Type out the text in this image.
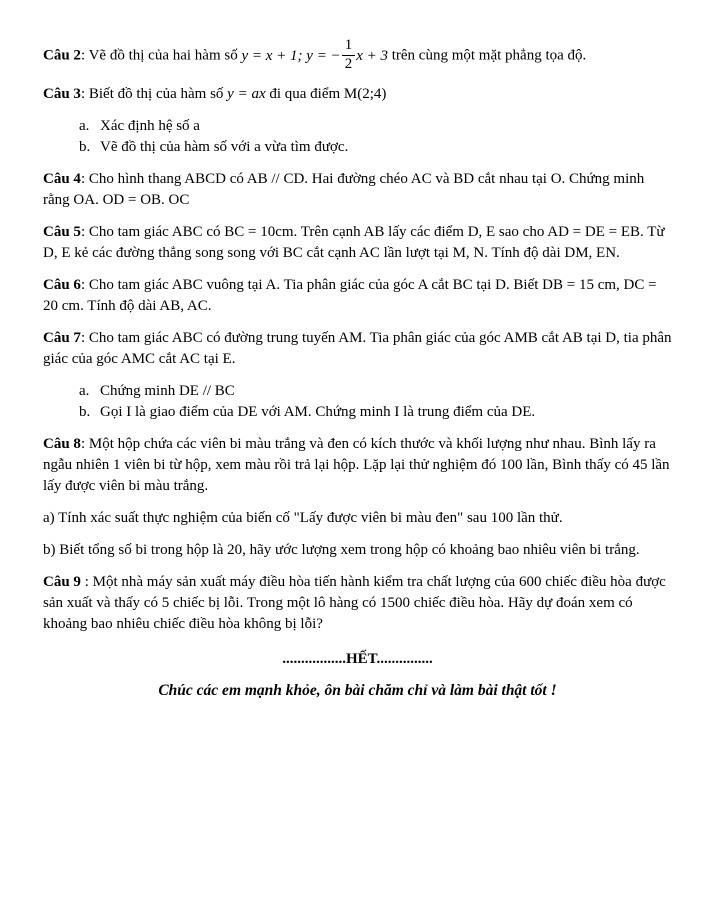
Câu 2: Vẽ đồ thị của hai hàm số y = x + 1; y = − $\frac{1}{2}$ x + 3 trên cùng một mặt phẳng tọa độ.

Câu 3: Biết đồ thị của hàm số y = ax đi qua điểm M(2;4)

a. Xác định hệ số a
b. Vẽ đồ thị của hàm số với a vừa tìm được.

Câu 4: Cho hình thang ABCD có AB // CD. Hai đường chéo AC và BD cắt nhau tại O. Chứng minh rằng OA. OD = OB. OC

Câu 5: Cho tam giác ABC có BC = 10cm. Trên cạnh AB lấy các điểm D, E sao cho AD = DE = EB. Từ D, E kẻ các đường thẳng song song với BC cắt cạnh AC lần lượt tại M, N. Tính độ dài DM, EN.

Câu 6: Cho tam giác ABC vuông tại A. Tia phân giác của góc A cắt BC tại D. Biết DB = 15 cm, DC = 20 cm. Tính độ dài AB, AC.

Câu 7: Cho tam giác ABC có đường trung tuyến AM. Tia phân giác của góc AMB cắt AB tại D, tia phân giác của góc AMC cắt AC tại E.

a. Chứng minh DE // BC
b. Gọi I là giao điểm của DE với AM. Chứng minh I là trung điểm của DE.

Câu 8: Một hộp chứa các viên bi màu trắng và đen có kích thước và khối lượng như nhau. Bình lấy ra ngẫu nhiên 1 viên bi từ hộp, xem màu rồi trả lại hộp. Lặp lại thử nghiệm đó 100 lần, Bình thấy có 45 lần lấy được viên bi màu trắng.

a) Tính xác suất thực nghiệm của biến cố "Lấy được viên bi màu đen" sau 100 lần thử.

b) Biết tổng số bi trong hộp là 20, hãy ước lượng xem trong hộp có khoảng bao nhiêu viên bi trắng.

Câu 9 : Một nhà máy sản xuất máy điều hòa tiến hành kiểm tra chất lượng của 600 chiếc điều hòa được sản xuất và thấy có 5 chiếc bị lỗi. Trong một lô hàng có 1500 chiếc điều hòa. Hãy dự đoán xem có khoảng bao nhiêu chiếc điều hòa không bị lỗi?

.................HẾT...............

Chúc các em mạnh khỏe, ôn bài chăm chỉ và làm bài thật tốt !
